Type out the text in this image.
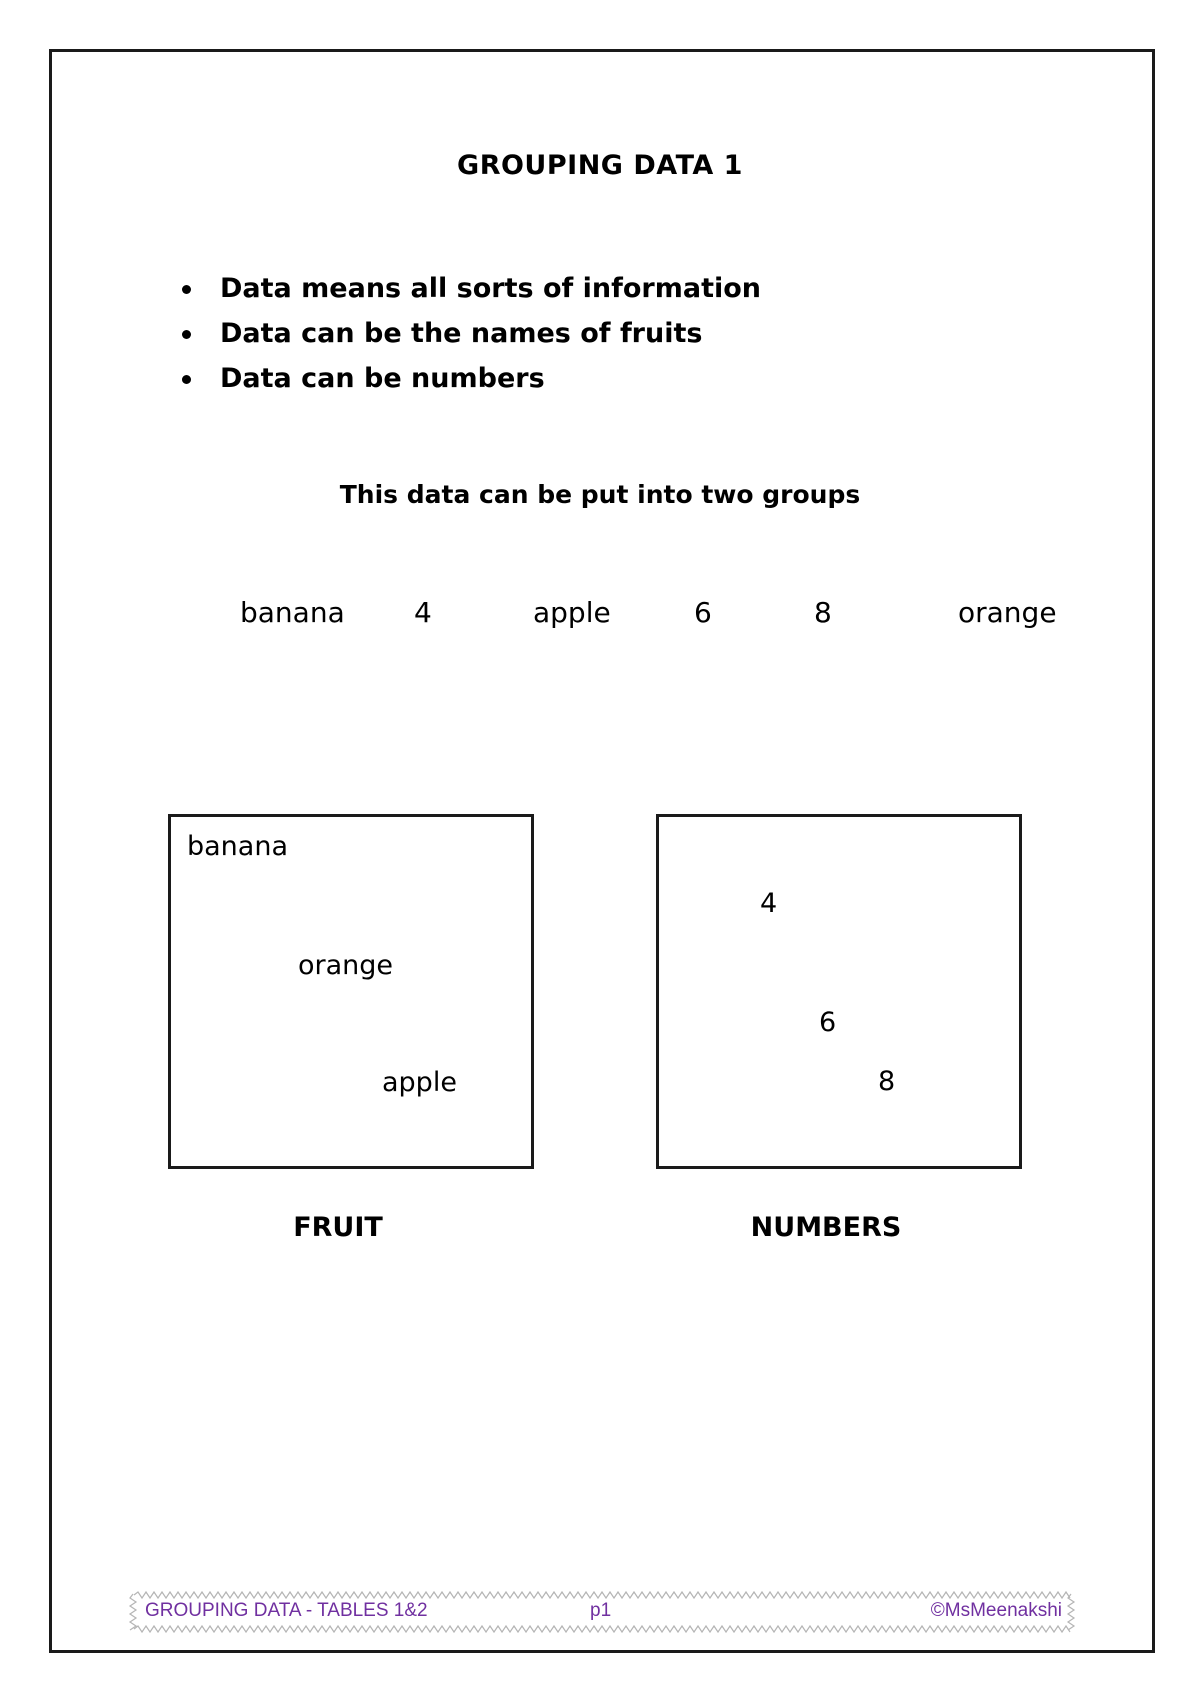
GROUPING DATA 1
Data means all sorts of information
Data can be the names of fruits
Data can be numbers
This data can be put into two groups
banana 4	apple	6	8	orange
banana
orange
apple
4
6
8
FRUIT	NUMBERS
GROUPING DATA - TABLES 1&2	p1	©MsMeenakshi
